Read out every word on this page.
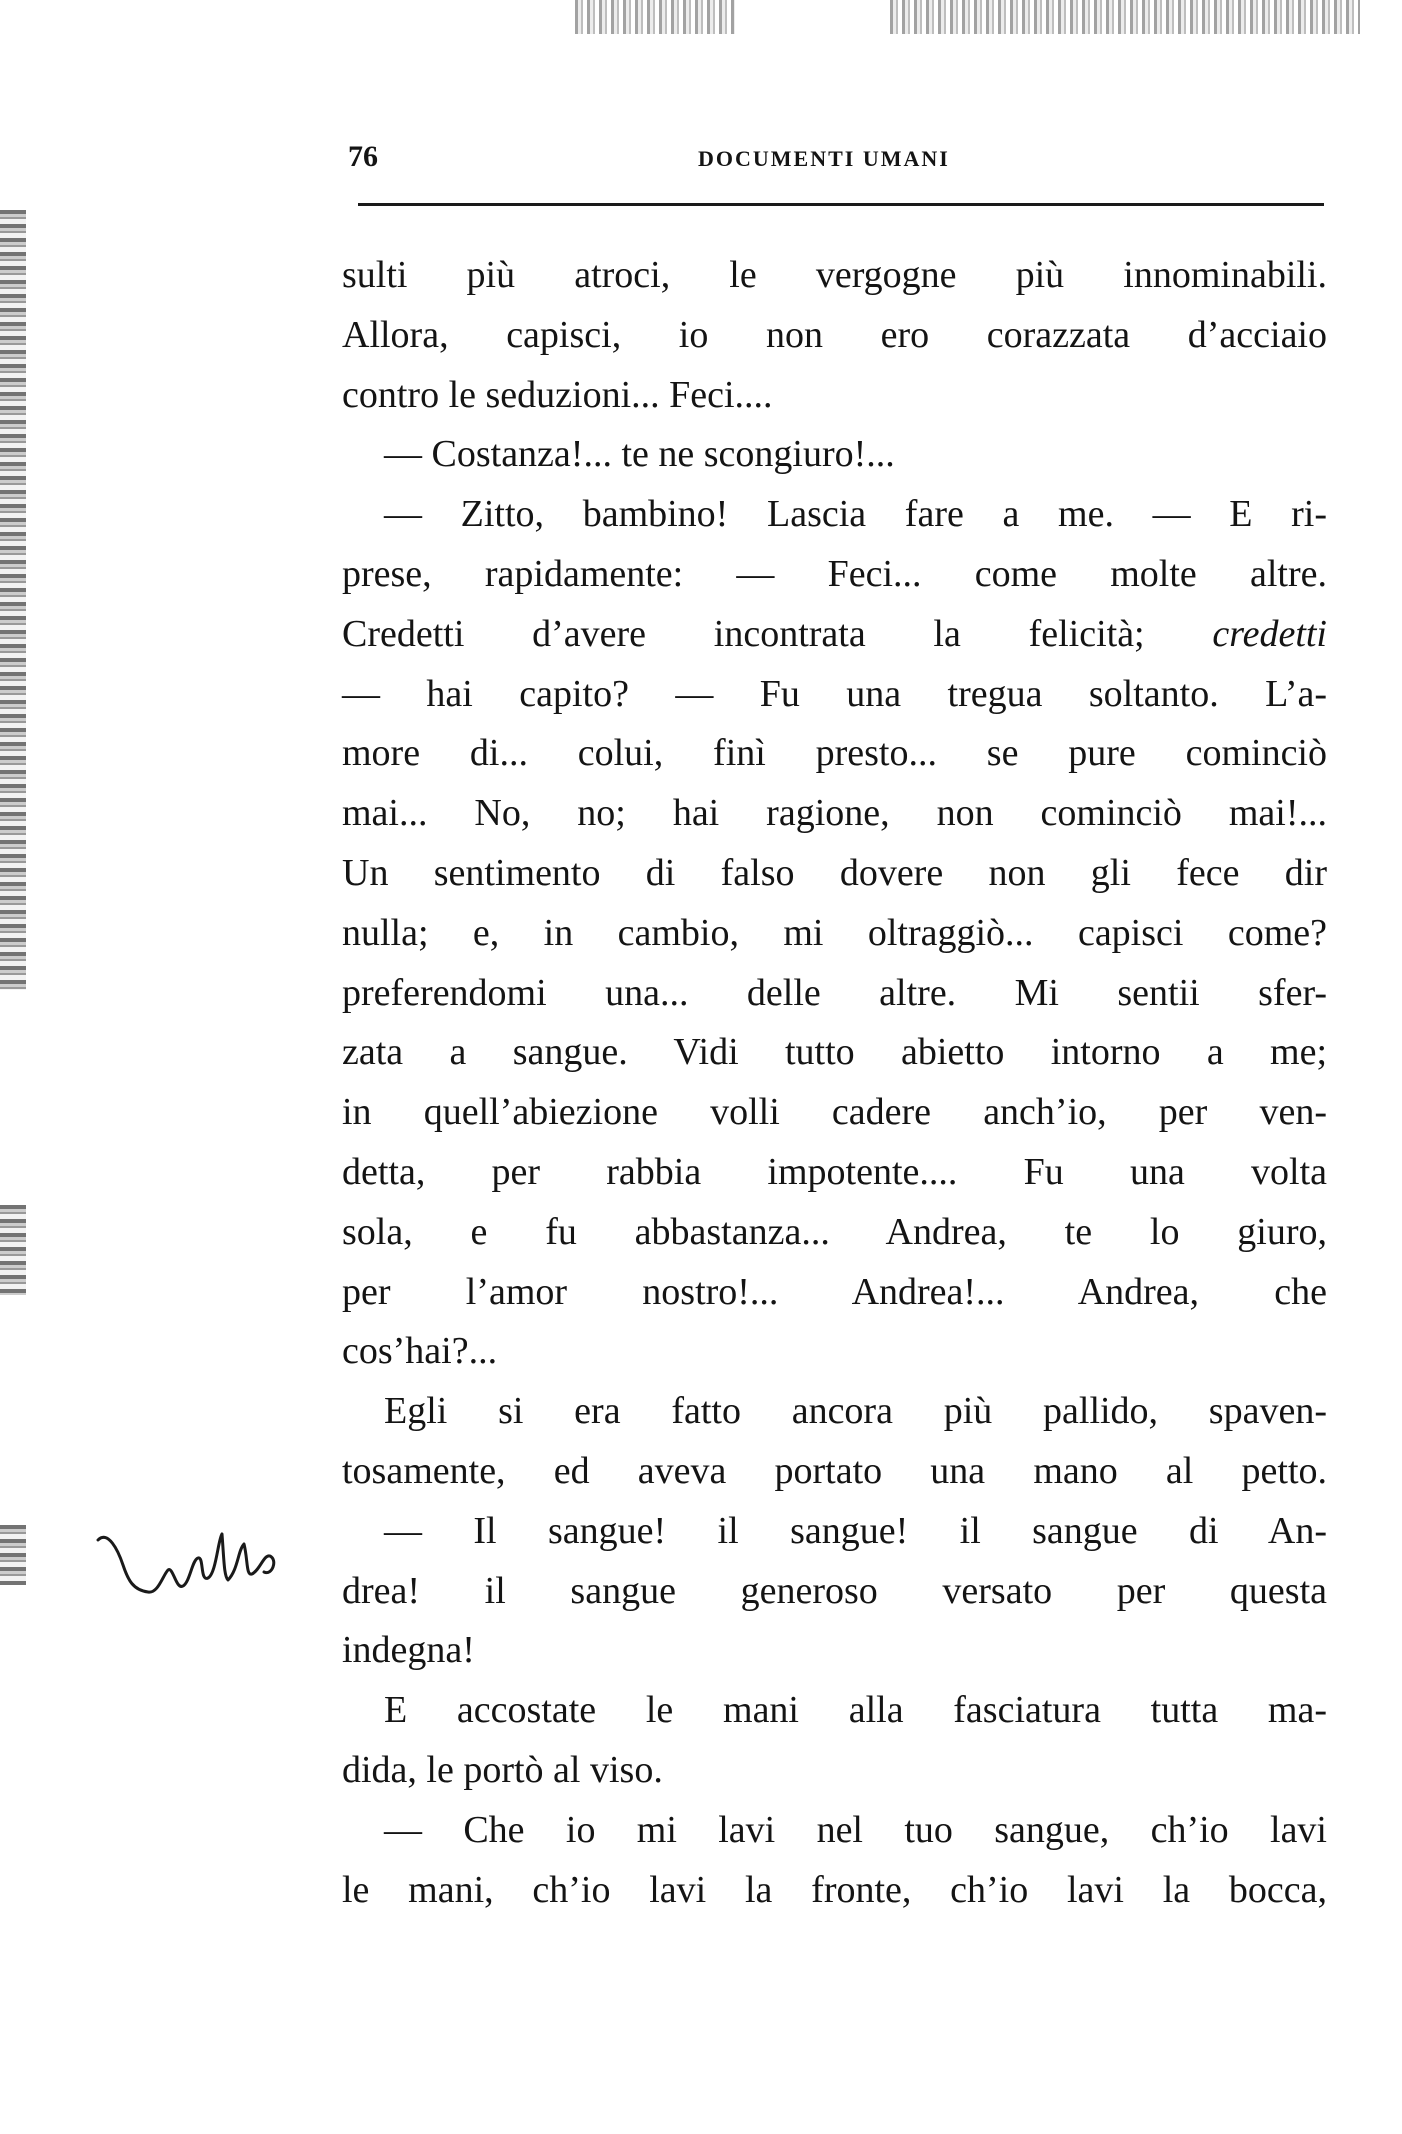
76	DOCUMENTI UMANI
sulti più atroci, le vergogne più innominabili.
Allora, capisci, io non ero corazzata d’acciaio
contro le seduzioni... Feci....
— Costanza!... te ne scongiuro!...
— Zitto, bambino! Lascia fare a me. — E ri-
prese, rapidamente: — Feci... come molte altre.
Credetti d’avere incontrata la felicità; credetti
— hai capito? — Fu una tregua soltanto. L’a-
more di... colui, finì presto... se pure cominciò
mai... No, no; hai ragione, non cominciò mai!...
Un sentimento di falso dovere non gli fece dir
nulla; e, in cambio, mi oltraggiò... capisci come?
preferendomi una... delle altre. Mi sentii sfer-
zata a sangue. Vidi tutto abietto intorno a me;
in quell’abiezione volli cadere anch’io, per ven-
detta, per rabbia impotente.... Fu una volta
sola, e fu abbastanza... Andrea, te lo giuro,
per l’amor nostro!... Andrea!... Andrea, che
cos’hai?...
Egli si era fatto ancora più pallido, spaven-
tosamente, ed aveva portato una mano al petto.
— Il sangue! il sangue! il sangue di An-
drea! il sangue generoso versato per questa
indegna!
E accostate le mani alla fasciatura tutta ma-
dida, le portò al viso.
— Che io mi lavi nel tuo sangue, ch’io lavi
le mani, ch’io lavi la fronte, ch’io lavi la bocca,
